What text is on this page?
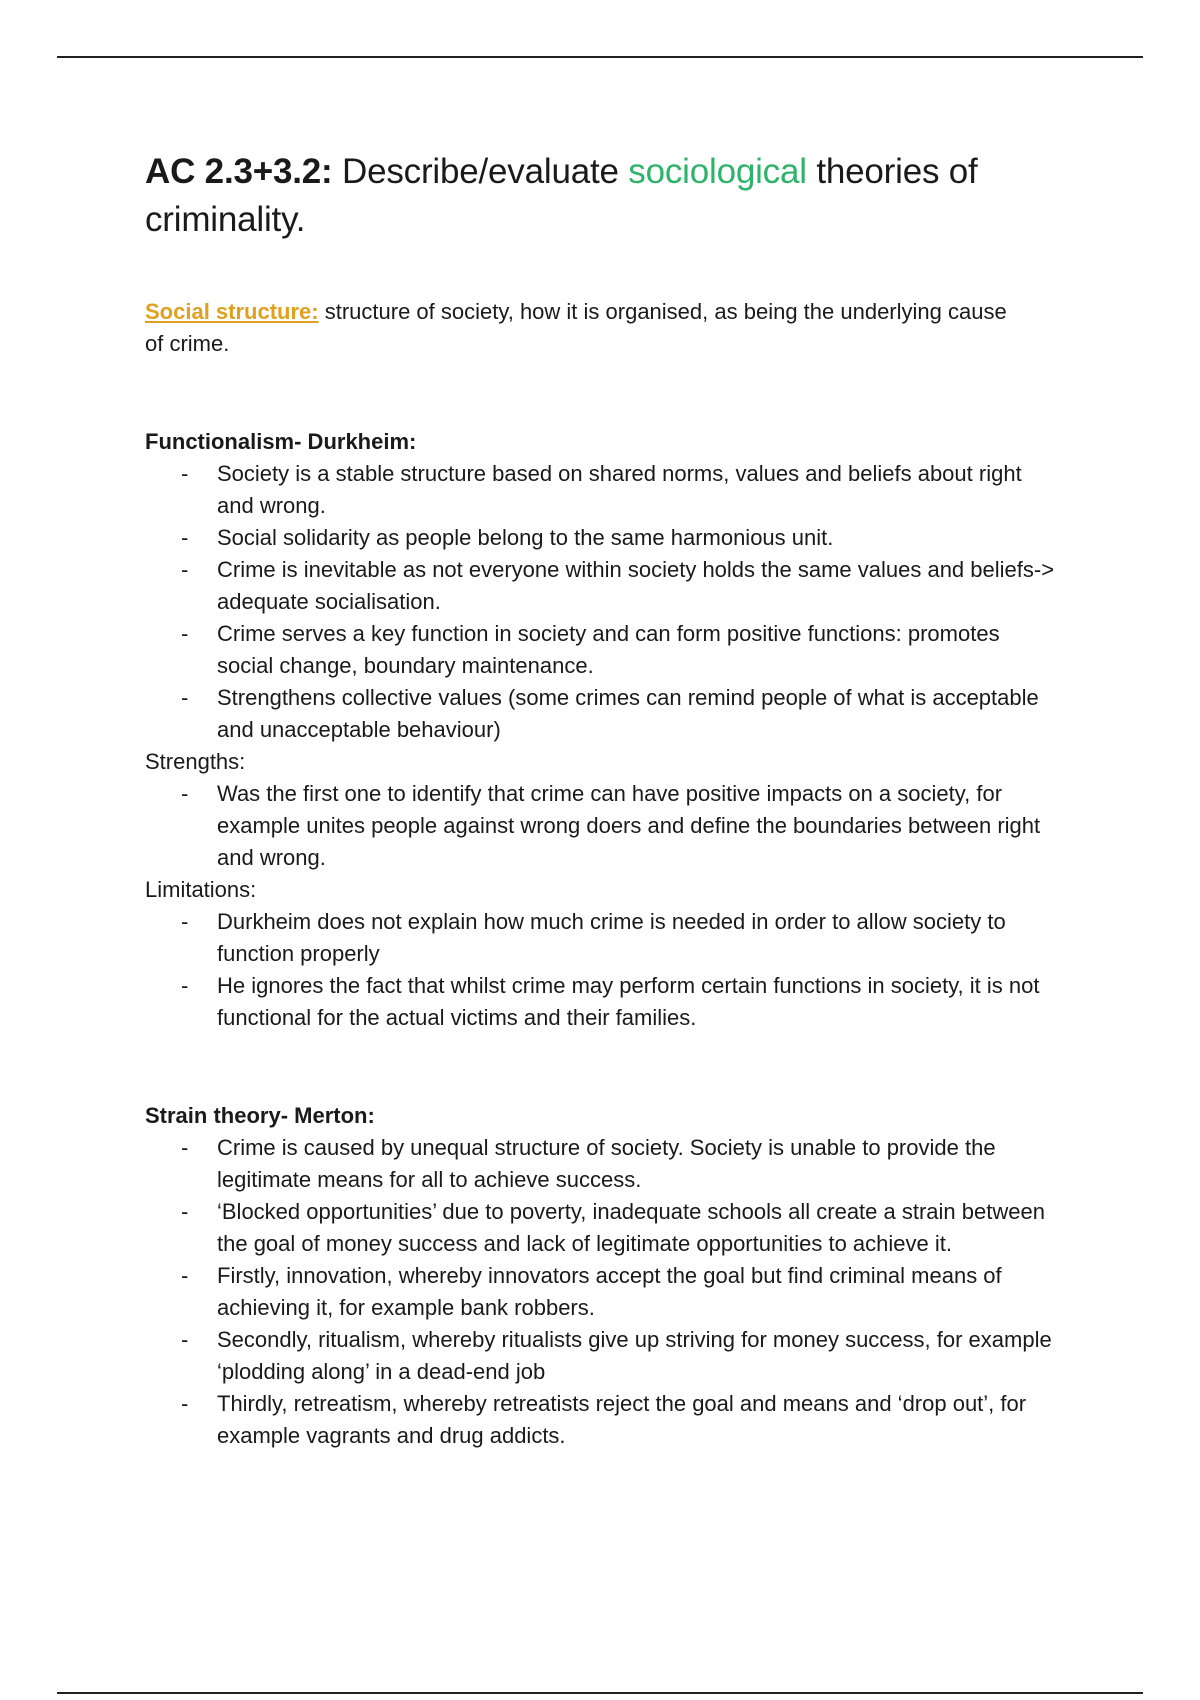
AC 2.3+3.2: Describe/evaluate sociological theories of criminality.

Social structure: structure of society, how it is organised, as being the underlying cause of crime.

Functionalism- Durkheim:

- Society is a stable structure based on shared norms, values and beliefs about right and wrong.
- Social solidarity as people belong to the same harmonious unit.
- Crime is inevitable as not everyone within society holds the same values and beliefs-> adequate socialisation.
- Crime serves a key function in society and can form positive functions: promotes social change, boundary maintenance.
- Strengthens collective values (some crimes can remind people of what is acceptable and unacceptable behaviour)

Strengths:

- Was the first one to identify that crime can have positive impacts on a society, for example unites people against wrong doers and define the boundaries between right and wrong.

Limitations:

- Durkheim does not explain how much crime is needed in order to allow society to function properly
- He ignores the fact that whilst crime may perform certain functions in society, it is not functional for the actual victims and their families.

Strain theory- Merton:

- Crime is caused by unequal structure of society. Society is unable to provide the legitimate means for all to achieve success.
- ‘Blocked opportunities’ due to poverty, inadequate schools all create a strain between the goal of money success and lack of legitimate opportunities to achieve it.
- Firstly, innovation, whereby innovators accept the goal but find criminal means of achieving it, for example bank robbers.
- Secondly, ritualism, whereby ritualists give up striving for money success, for example ‘plodding along’ in a dead-end job
- Thirdly, retreatism, whereby retreatists reject the goal and means and ‘drop out’, for example vagrants and drug addicts.
